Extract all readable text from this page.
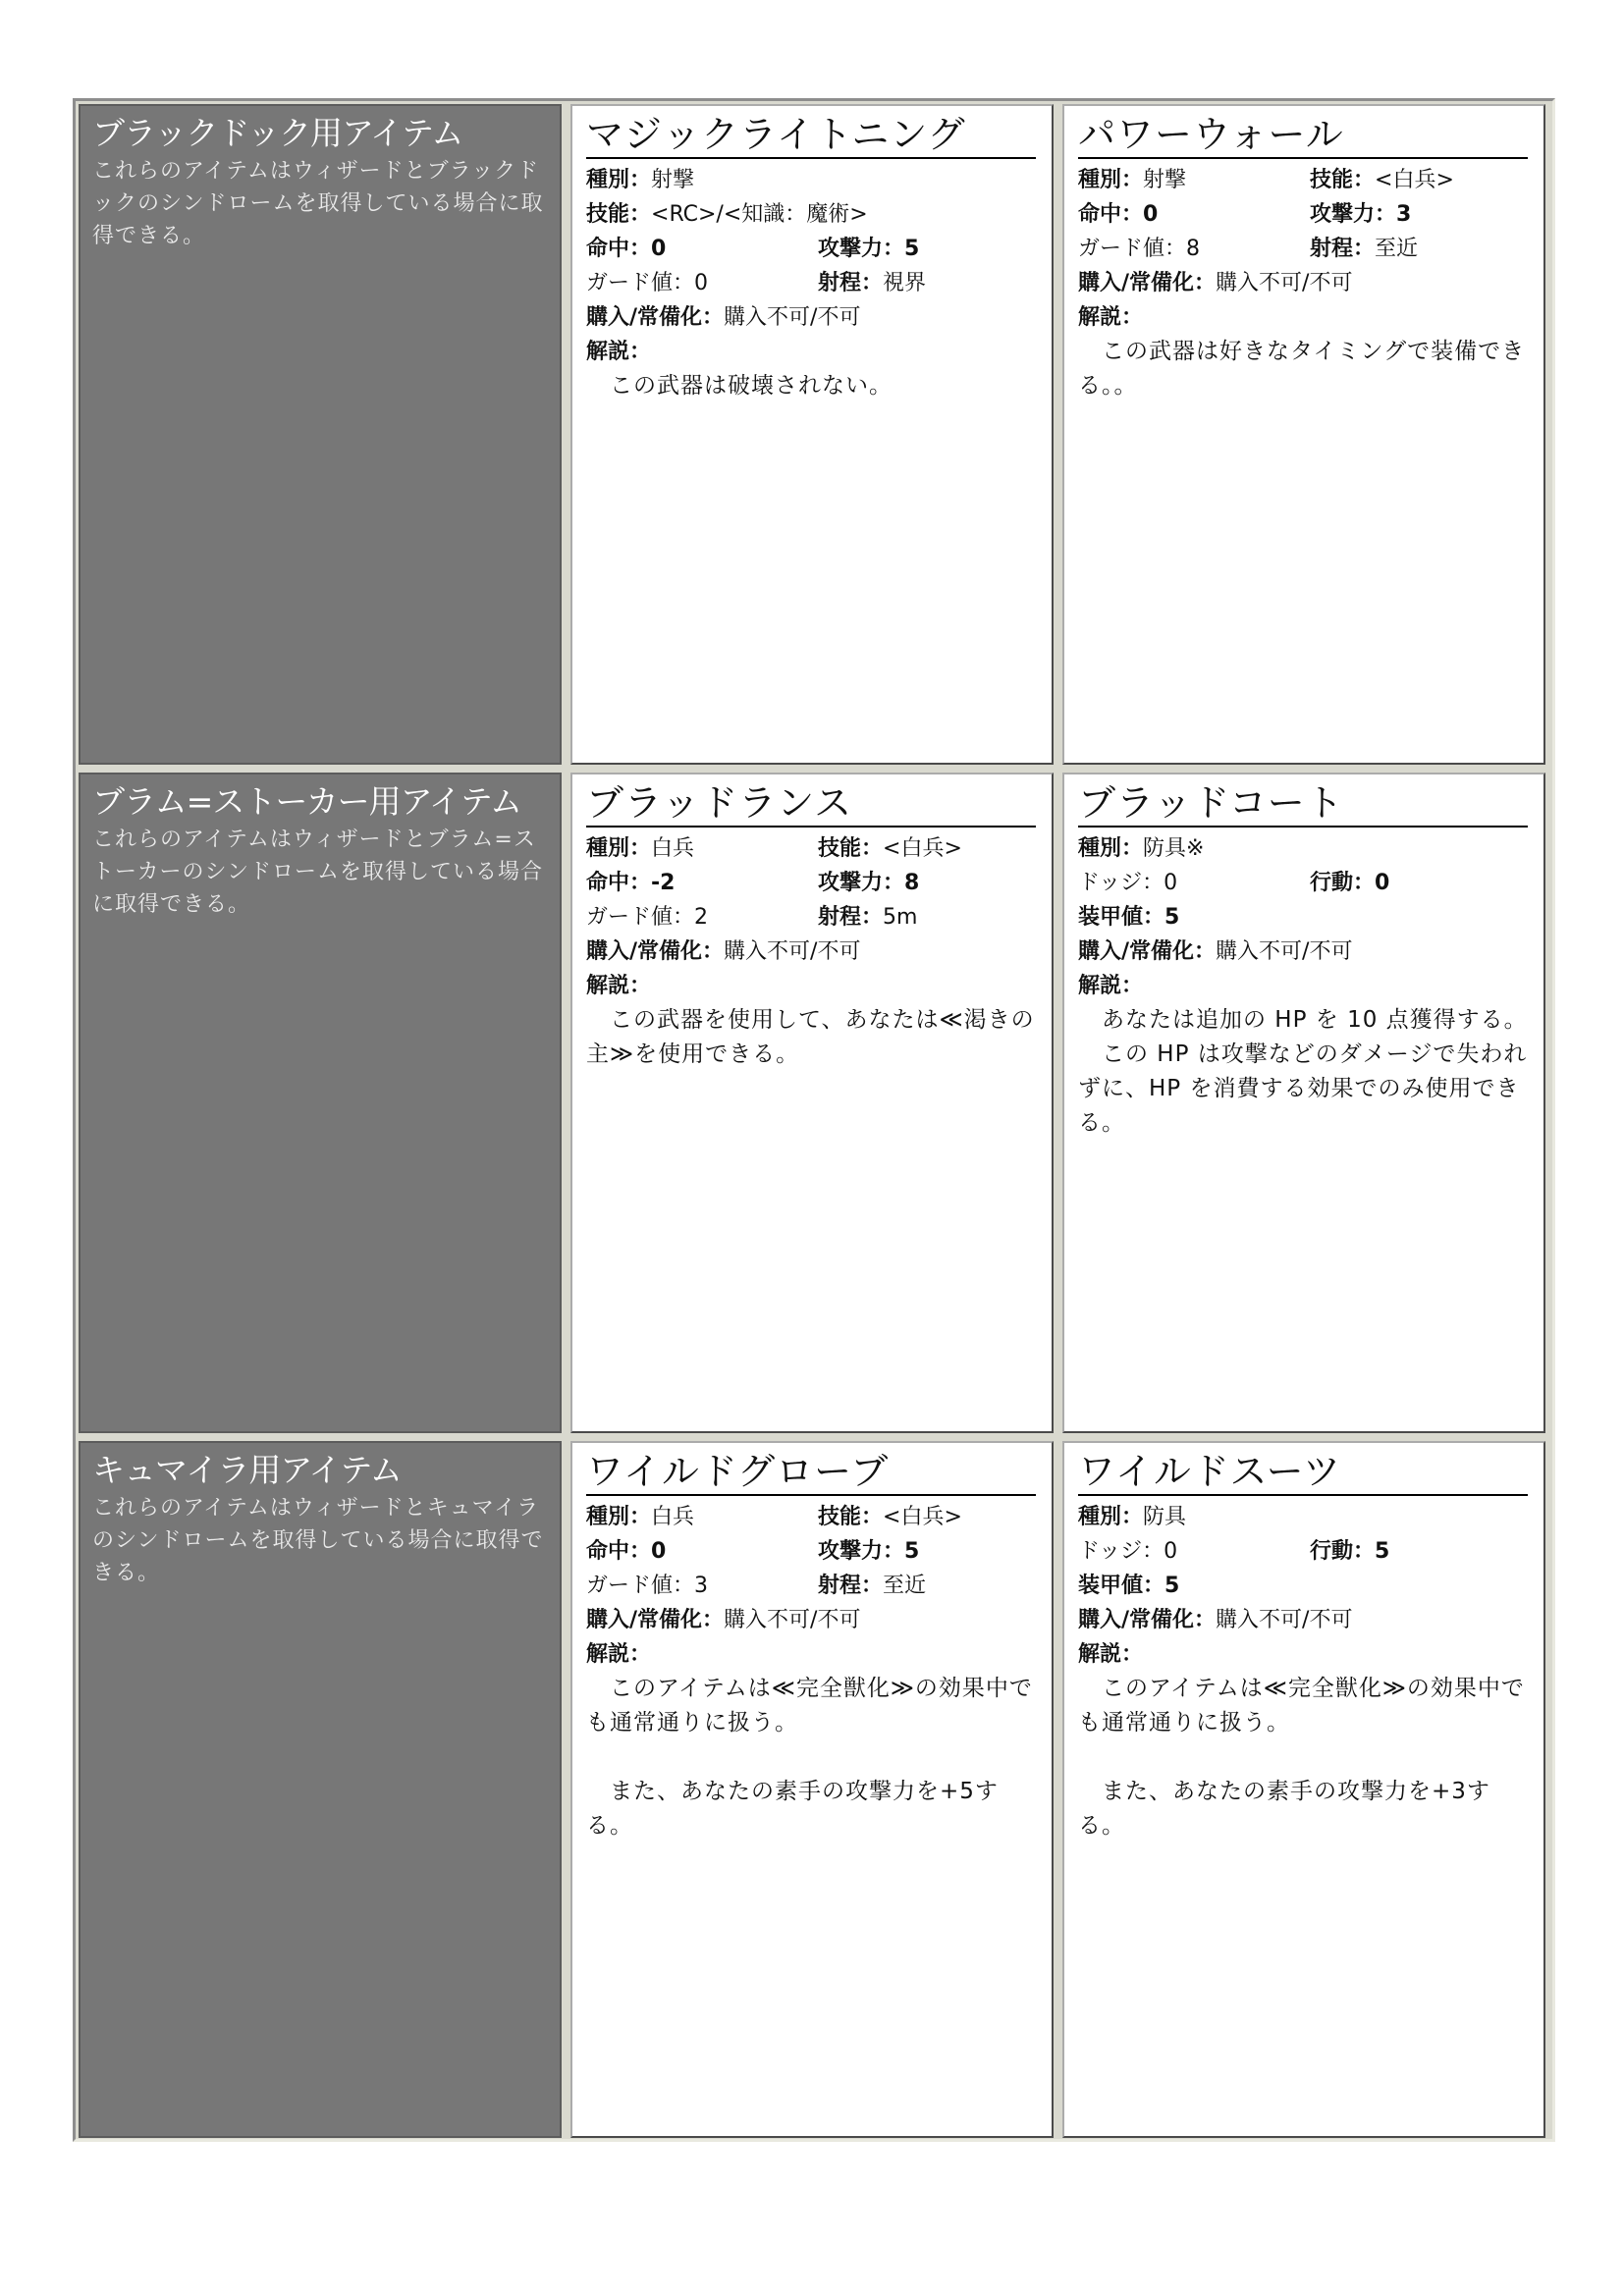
ブラックドック用アイテム
これらのアイテムはウィザードとブラックドックのシンドロームを取得している場合に取得できる。
マジックライトニング
種別： 射撃
技能： <RC>/<知識：魔術>
命中：0	攻撃力：5
ガード値：0	射程：視界
購入/常備化： 購入不可/不可
解説：
　この武器は破壊されない。
パワーウォール
種別：射撃	技能：<白兵>
命中：0	攻撃力：3
ガード値：8	射程：至近
購入/常備化： 購入不可/不可
解説：
　この武器は好きなタイミングで装備できる。。
ブラム=ストーカー用アイテム
これらのアイテムはウィザードとブラム=ストーカーのシンドロームを取得している場合に取得できる。
ブラッドランス
種別：白兵	技能：<白兵>
命中：-2	攻撃力：8
ガード値：2	射程：5m
購入/常備化： 購入不可/不可
解説：
　この武器を使用して、あなたは≪渇きの主≫を使用できる。
ブラッドコート
種別： 防具※
ドッジ：0	行動：0
装甲値： 5
購入/常備化： 購入不可/不可
解説：
　あなたは追加の HP を 10 点獲得する。
　この HP は攻撃などのダメージで失われずに、HP を消費する効果でのみ使用できる。
キュマイラ用アイテム
これらのアイテムはウィザードとキュマイラのシンドロームを取得している場合に取得できる。
ワイルドグローブ
種別：白兵	技能：<白兵>
命中：0	攻撃力：5
ガード値：3	射程：至近
購入/常備化： 購入不可/不可
解説：
　このアイテムは≪完全獣化≫の効果中でも通常通りに扱う。

　また、あなたの素手の攻撃力を+5する。
ワイルドスーツ
種別： 防具
ドッジ：0	行動：5
装甲値： 5
購入/常備化： 購入不可/不可
解説：
　このアイテムは≪完全獣化≫の効果中でも通常通りに扱う。

　また、あなたの素手の攻撃力を+3する。
